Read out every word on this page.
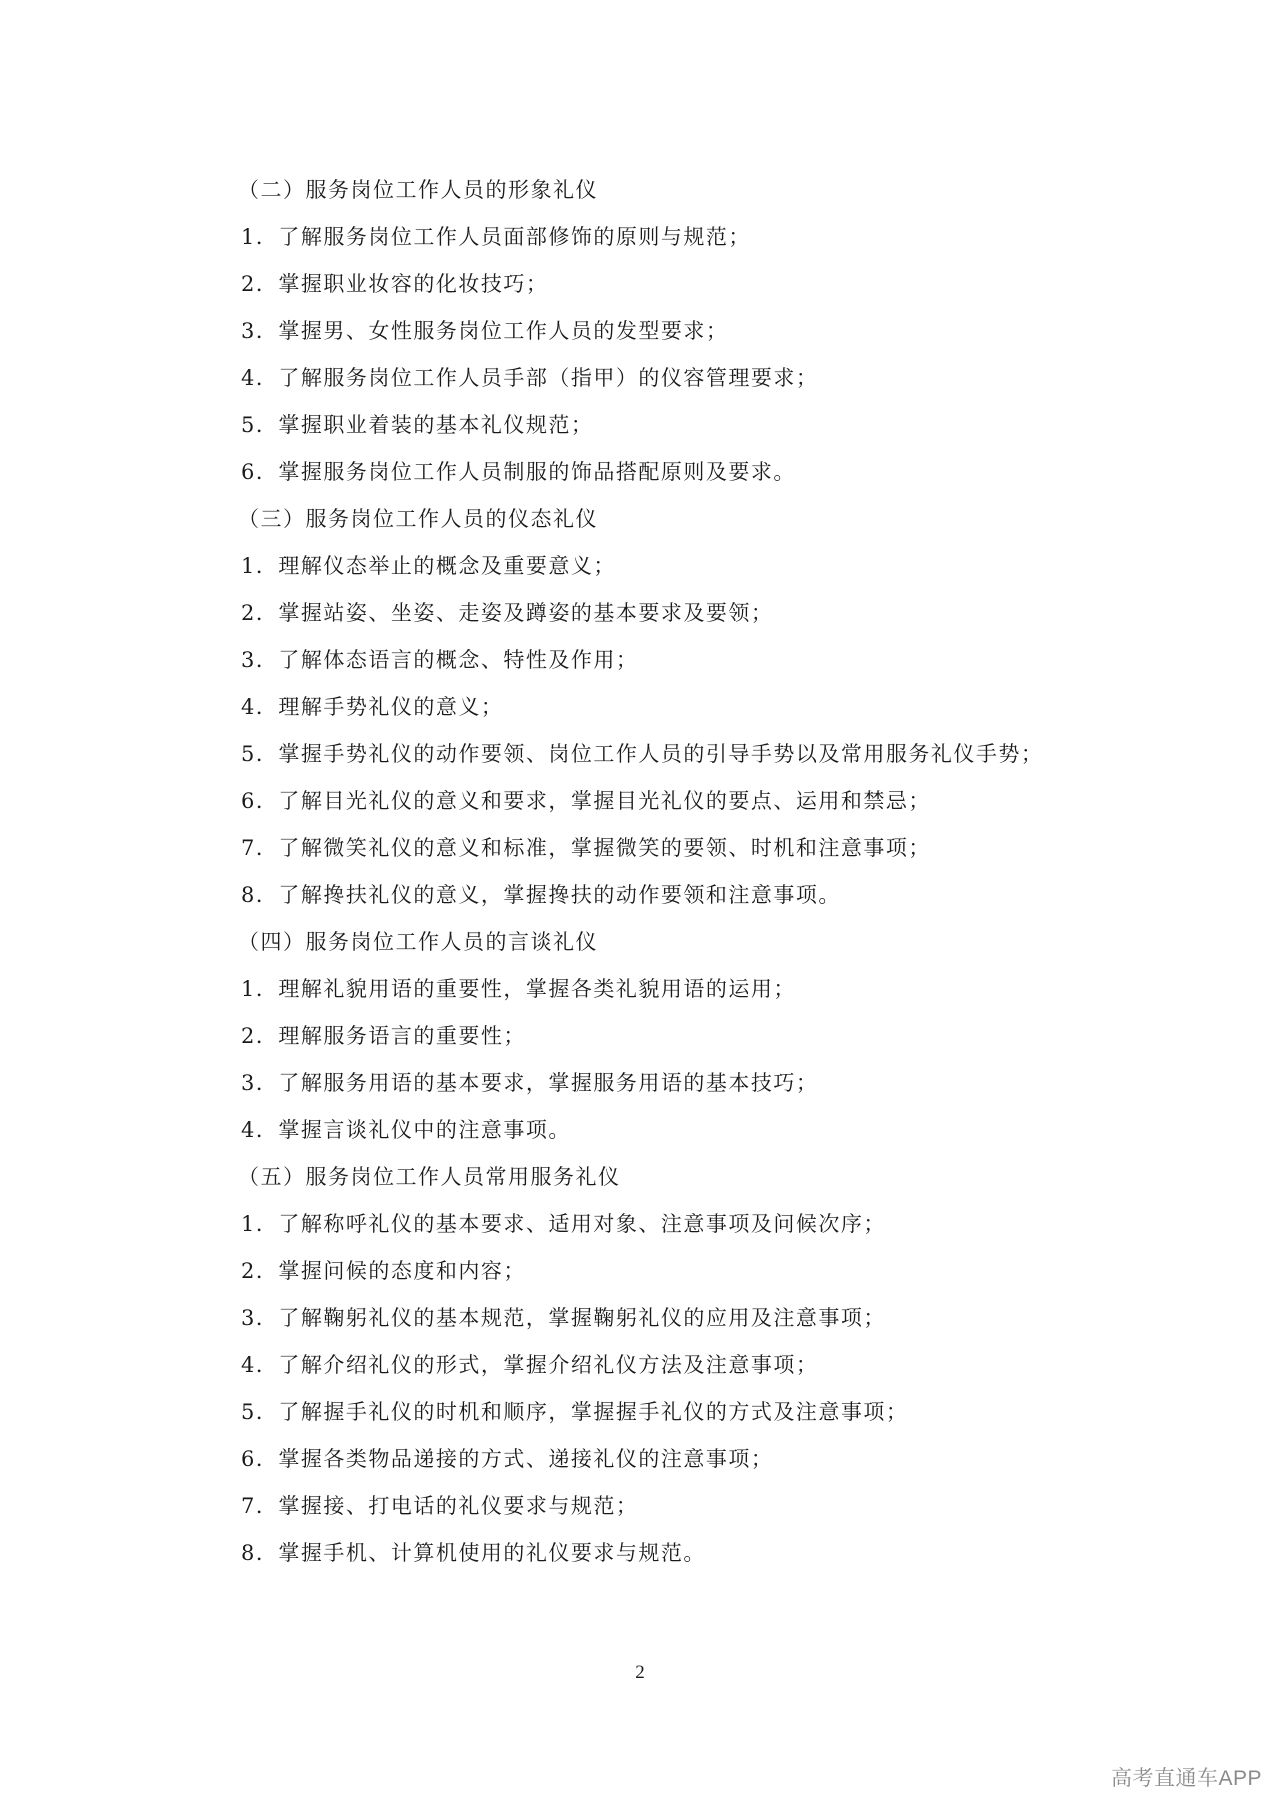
（二）服务岗位工作人员的形象礼仪
1．了解服务岗位工作人员面部修饰的原则与规范；
2．掌握职业妆容的化妆技巧；
3．掌握男、女性服务岗位工作人员的发型要求；
4．了解服务岗位工作人员手部（指甲）的仪容管理要求；
5．掌握职业着装的基本礼仪规范；
6．掌握服务岗位工作人员制服的饰品搭配原则及要求。
（三）服务岗位工作人员的仪态礼仪
1．理解仪态举止的概念及重要意义；
2．掌握站姿、坐姿、走姿及蹲姿的基本要求及要领；
3．了解体态语言的概念、特性及作用；
4．理解手势礼仪的意义；
5．掌握手势礼仪的动作要领、岗位工作人员的引导手势以及常用服务礼仪手势；
6．了解目光礼仪的意义和要求，掌握目光礼仪的要点、运用和禁忌；
7．了解微笑礼仪的意义和标准，掌握微笑的要领、时机和注意事项；
8．了解搀扶礼仪的意义，掌握搀扶的动作要领和注意事项。
（四）服务岗位工作人员的言谈礼仪
1．理解礼貌用语的重要性，掌握各类礼貌用语的运用；
2．理解服务语言的重要性；
3．了解服务用语的基本要求，掌握服务用语的基本技巧；
4．掌握言谈礼仪中的注意事项。
（五）服务岗位工作人员常用服务礼仪
1．了解称呼礼仪的基本要求、适用对象、注意事项及问候次序；
2．掌握问候的态度和内容；
3．了解鞠躬礼仪的基本规范，掌握鞠躬礼仪的应用及注意事项；
4．了解介绍礼仪的形式，掌握介绍礼仪方法及注意事项；
5．了解握手礼仪的时机和顺序，掌握握手礼仪的方式及注意事项；
6．掌握各类物品递接的方式、递接礼仪的注意事项；
7．掌握接、打电话的礼仪要求与规范；
8．掌握手机、计算机使用的礼仪要求与规范。
2
高考直通车APP
